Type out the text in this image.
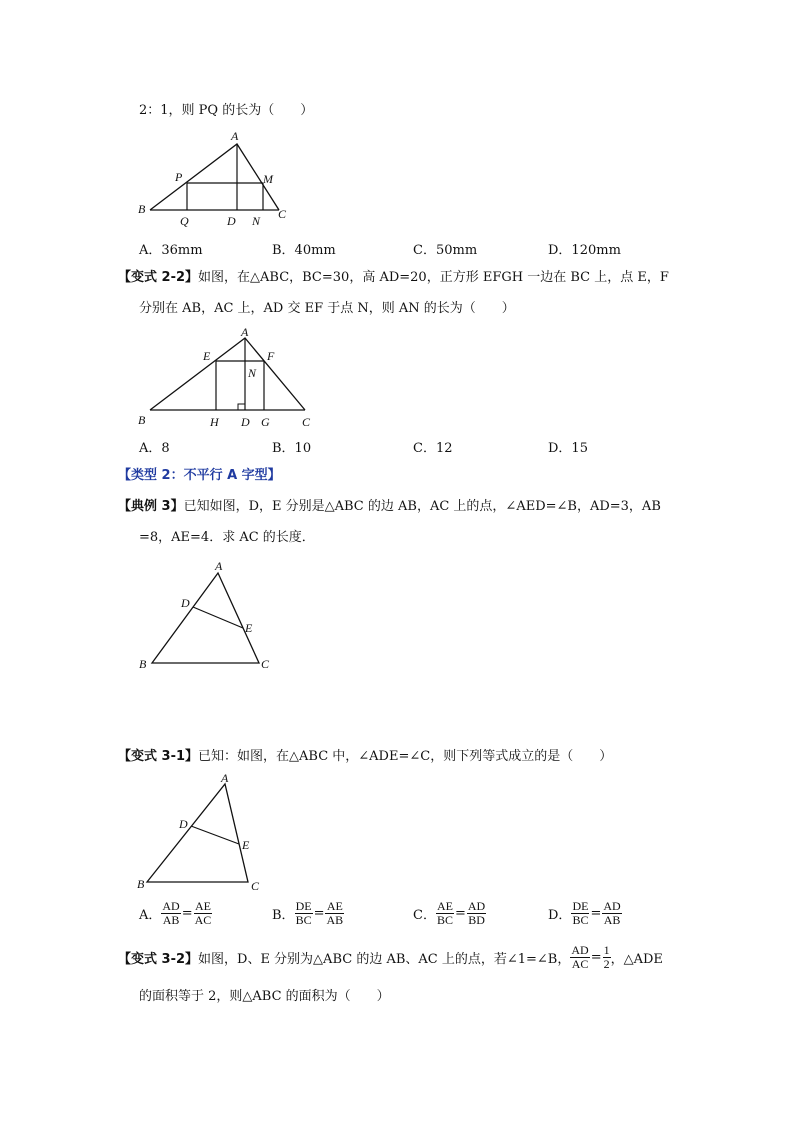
2：1，则 PQ 的长为（　　）
A
P	M
B
Q	D N C
A．36mm	B．40mm	C．50mm	D．120mm
【变式 2-2】如图，在△ABC，BC=30，高 AD=20，正方形 EFGH 一边在 BC 上，点 E，F
分别在 AB，AC 上，AD 交 EF 于点 N，则 AN 的长为（　　）
A
E	F
N
B	H D G	C
A．8	B．10	C．12	D．15
【类型 2：不平行 A 字型】
【典例 3】已知如图，D，E 分别是△ABC 的边 AB，AC 上的点，∠AED=∠B，AD=3，AB
=8，AE=4．求 AC 的长度．
A
D
E
B	C
【变式 3-1】已知：如图，在△ABC 中，∠ADE=∠C，则下列等式成立的是（　　）
A
D
E
B	C
A． $\frac{AD}{AB} = \frac{AE}{AC}$	B． $\frac{DE}{BC} = \frac{AE}{AB}$	C． $\frac{AE}{BC} = \frac{AD}{BD}$	D． $\frac{DE}{BC} = \frac{AD}{AB}$
【变式 3-2】如图，D、E 分别为△ABC 的边 AB、AC 上的点，若∠1=∠B， $\frac{AD}{AC} = \frac{1}{2}$ ，△ADE
的面积等于 2，则△ABC 的面积为（　　）
